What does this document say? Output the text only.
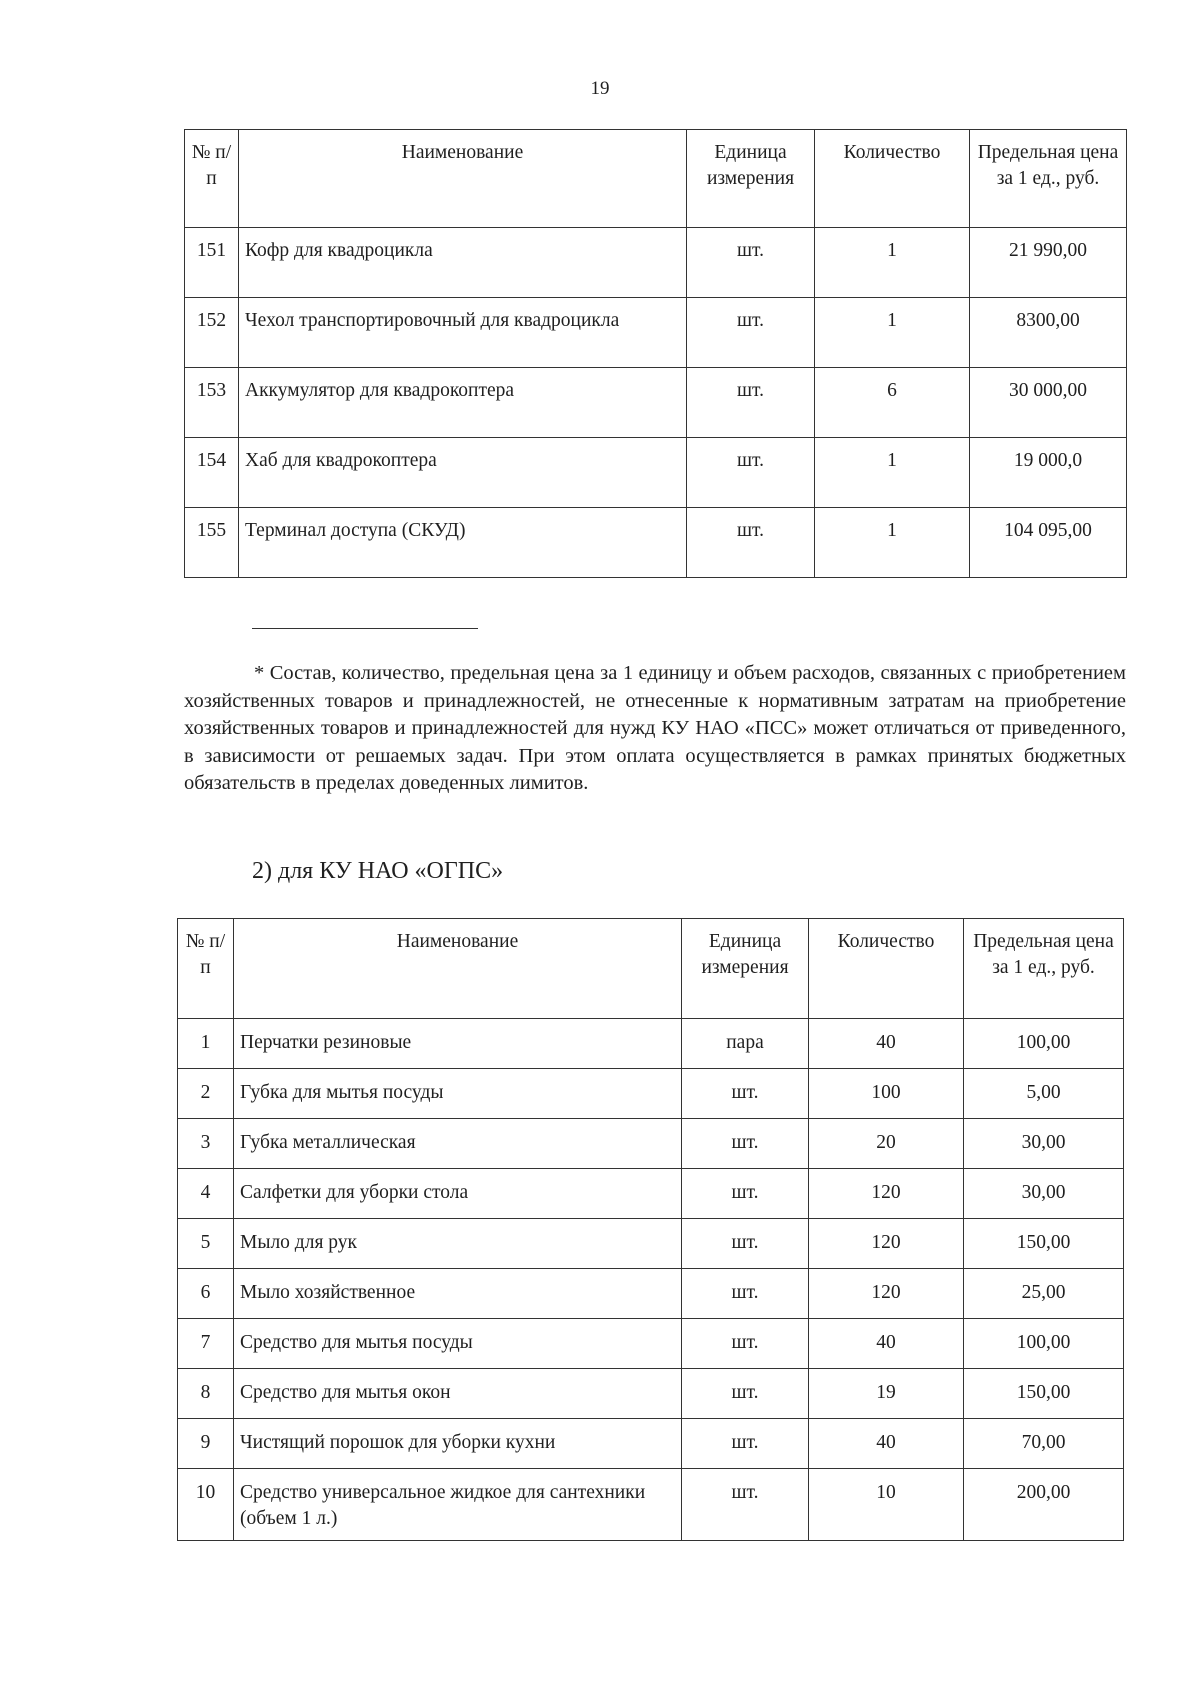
19
№ п/п	Наименование	Единица измерения	Количество	Предельная цена за 1 ед., руб.
151	Кофр для квадроцикла	шт.	1	21 990,00
152	Чехол транспортировочный для квадроцикла	шт.	1	8300,00
153	Аккумулятор для квадрокоптера	шт.	6	30 000,00
154	Хаб для квадрокоптера	шт.	1	19 000,0
155	Терминал доступа (СКУД)	шт.	1	104 095,00
* Состав, количество, предельная цена за 1 единицу и объем расходов, связанных с приобретением хозяйственных товаров и принадлежностей, не отнесенные к нормативным затратам на приобретение хозяйственных товаров и принадлежностей для нужд КУ НАО «ПСС» может отличаться от приведенного, в зависимости от решаемых задач. При этом оплата осуществляется в рамках принятых бюджетных обязательств в пределах доведенных лимитов.
2) для КУ НАО «ОГПС»
№ п/п	Наименование	Единица измерения	Количество	Предельная цена за 1 ед., руб.
1	Перчатки резиновые	пара	40	100,00
2	Губка для мытья посуды	шт.	100	5,00
3	Губка металлическая	шт.	20	30,00
4	Салфетки для уборки стола	шт.	120	30,00
5	Мыло для рук	шт.	120	150,00
6	Мыло хозяйственное	шт.	120	25,00
7	Средство для мытья посуды	шт.	40	100,00
8	Средство для мытья окон	шт.	19	150,00
9	Чистящий порошок для уборки кухни	шт.	40	70,00
10	Средство универсальное жидкое для сантехники (объем 1 л.)	шт.	10	200,00
